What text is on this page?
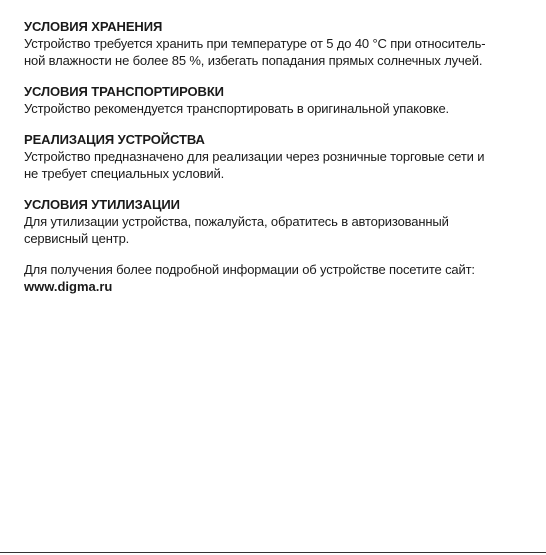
УСЛОВИЯ ХРАНЕНИЯ

Устройство требуется хранить при температуре от 5 до 40 °C при относитель-
ной влажности не более 85 %, избегать попадания прямых солнечных лучей.

УСЛОВИЯ ТРАНСПОРТИРОВКИ

Устройство рекомендуется транспортировать в оригинальной упаковке.

РЕАЛИЗАЦИЯ УСТРОЙСТВА

Устройство предназначено для реализации через розничные торговые сети и
не требует специальных условий.

УСЛОВИЯ УТИЛИЗАЦИИ

Для утилизации устройства, пожалуйста, обратитесь в авторизованный
сервисный центр.

Для получения более подробной информации об устройстве посетите сайт:

www.digma.ru
